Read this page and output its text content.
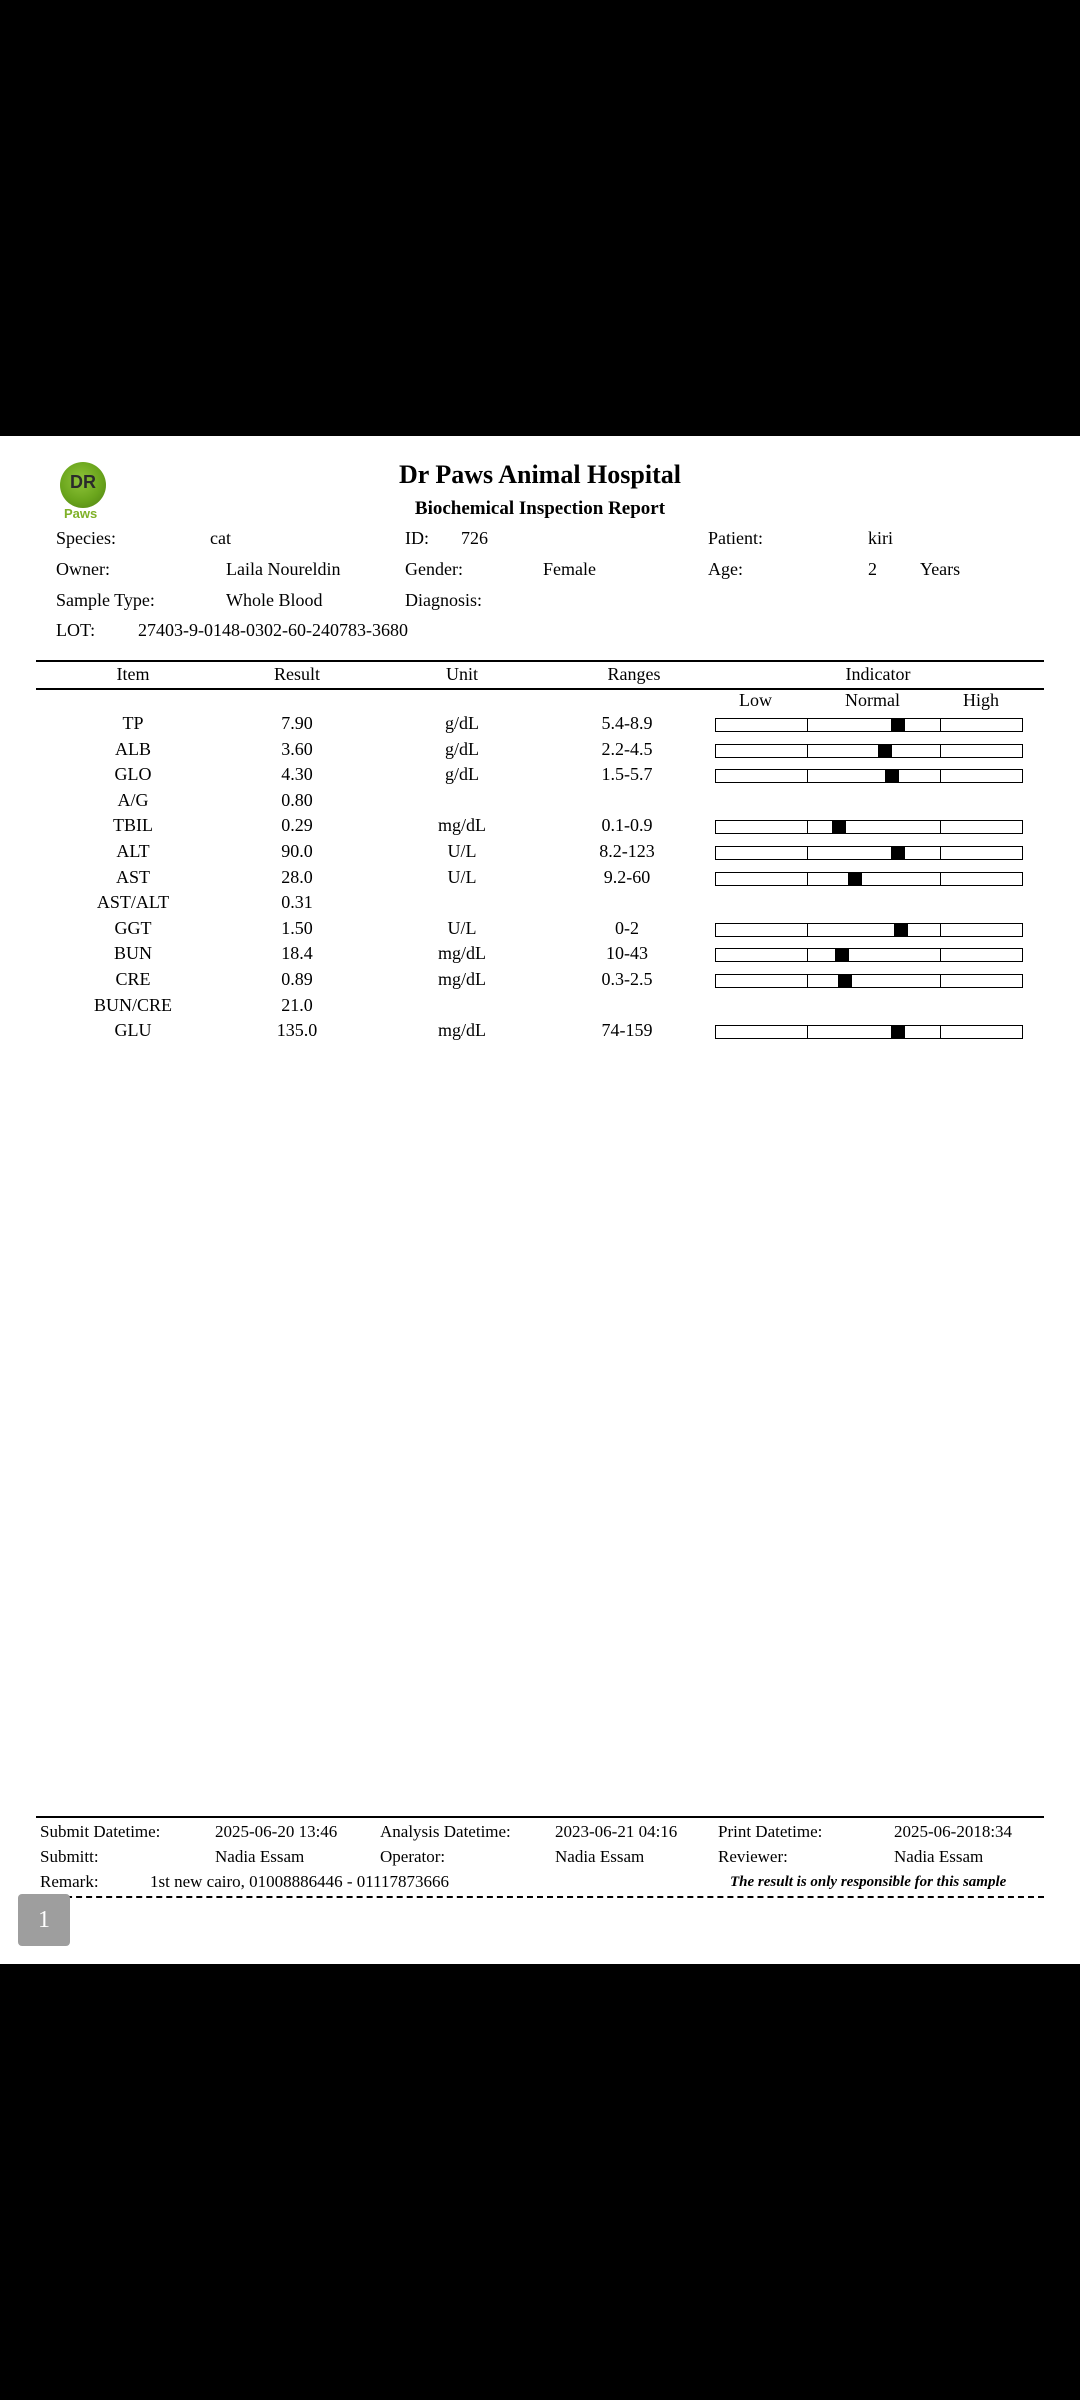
DR
Paws
Dr Paws Animal Hospital
Biochemical Inspection Report
Species:	cat	ID: 726	Patient:	kiri
Owner:	Laila Noureldin	Gender:	Female	Age:	2 Years
Sample Type:	Whole Blood	Diagnosis:
LOT: 27403-9-0148-0302-60-240783-3680
Item	Result	Unit	Ranges	Indicator
Low	Normal	High
TP	7.90	g/dL	5.4-8.9
ALB	3.60	g/dL	2.2-4.5
GLO	4.30	g/dL	1.5-5.7
A/G	0.80
TBIL	0.29	mg/dL	0.1-0.9
ALT	90.0	U/L	8.2-123
AST	28.0	U/L	9.2-60
AST/ALT	0.31
GGT	1.50	U/L	0-2
BUN	18.4	mg/dL	10-43
CRE	0.89	mg/dL	0.3-2.5
BUN/CRE	21.0
GLU	135.0	mg/dL	74-159
Submit Datetime:	2025-06-20 13:46	Analysis Datetime:	2023-06-21 04:16 Print Datetime:	2025-06-2018:34
Submitt:	Nadia Essam	Operator:	Nadia Essam	Reviewer:	Nadia Essam
Remark:	1st new cairo, 01008886446 - 01117873666	The result is only responsible for this sample
1
